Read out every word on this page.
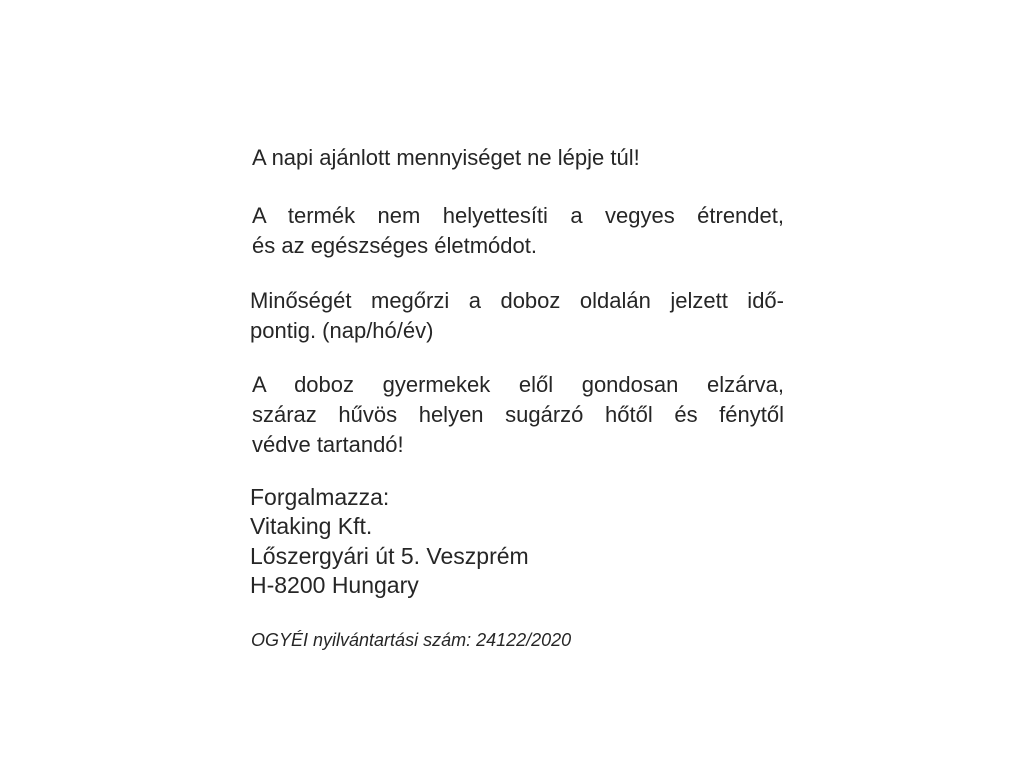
A napi ajánlott mennyiséget ne lépje túl!

A termék nem helyettesíti a vegyes étrendet,
és az egészséges életmódot.

Minőségét megőrzi a doboz oldalán jelzett idő-
pontig. (nap/hó/év)

A doboz gyermekek elől gondosan elzárva,
száraz hűvös helyen sugárzó hőtől és fénytől
védve tartandó!

Forgalmazza:
Vitaking Kft.
Lőszergyári út 5. Veszprém
H-8200 Hungary

OGYÉI nyilvántartási szám: 24122/2020
